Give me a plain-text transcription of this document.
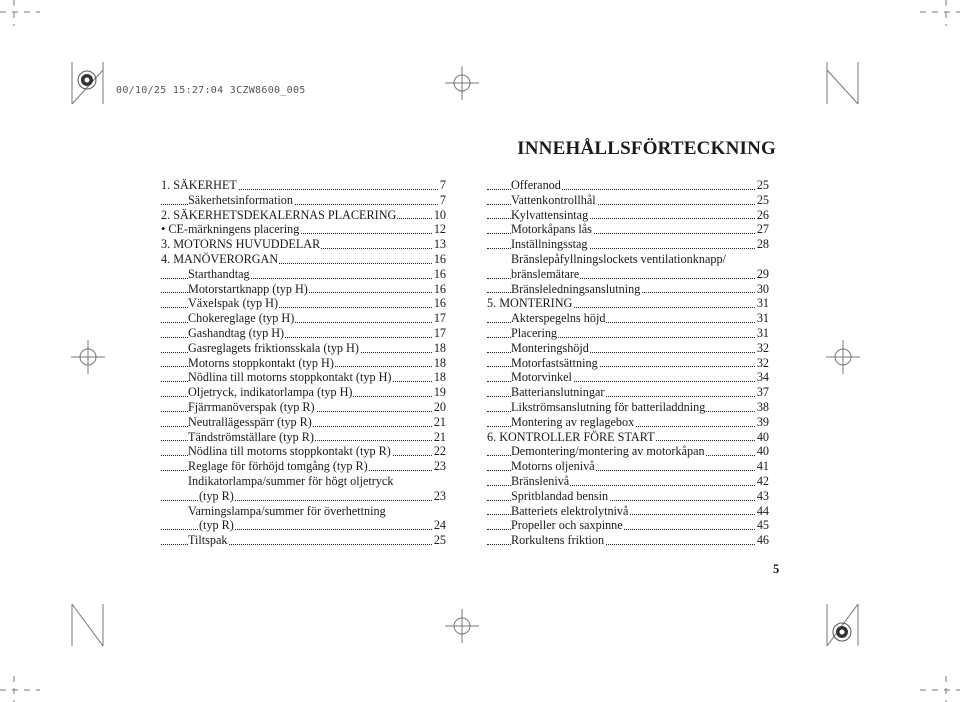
00/10/25 15:27:04 3CZW8600_005
INNEHÅLLSFÖRTECKNING
1. SÄKERHET	7
Säkerhetsinformation	7
2. SÄKERHETSDEKALERNAS PLACERING	10
• CE-märkningens placering	12
3. MOTORNS HUVUDDELAR	13
4. MANÖVERORGAN	16
Starthandtag	16
Motorstartknapp (typ H)	16
Växelspak (typ H)	16
Chokereglage (typ H)	17
Gashandtag (typ H)	17
Gasreglagets friktionsskala (typ H)	18
Motorns stoppkontakt (typ H)	18
Nödlina till motorns stoppkontakt (typ H)	18
Oljetryck, indikatorlampa (typ H)	19
Fjärrmanöverspak (typ R)	20
Neutrallägesspärr (typ R)	21
Tändströmställare (typ R)	21
Nödlina till motorns stoppkontakt (typ R)	22
Reglage för förhöjd tomgång (typ R)	23
Indikatorlampa/summer för högt oljetryck
(typ R)	23
Varningslampa/summer för överhettning
(typ R)	24
Tiltspak	25
Offeranod	25
Vattenkontrollhål	25
Kylvattensintag	26
Motorkåpans lås	27
Inställningsstag	28
Bränslepåfyllningslockets ventilationknapp/
bränslemätare	29
Bränsleledningsanslutning	30
5. MONTERING	31
Akterspegelns höjd	31
Placering	31
Monteringshöjd	32
Motorfastsättning	32
Motorvinkel	34
Batterianslutningar	37
Likströmsanslutning för batteriladdning	38
Montering av reglagebox	39
6. KONTROLLER FÖRE START	40
Demontering/montering av motorkåpan	40
Motorns oljenivå	41
Bränslenivå	42
Spritblandad bensin	43
Batteriets elektrolytnivå	44
Propeller och saxpinne	45
Rorkultens friktion	46
5
